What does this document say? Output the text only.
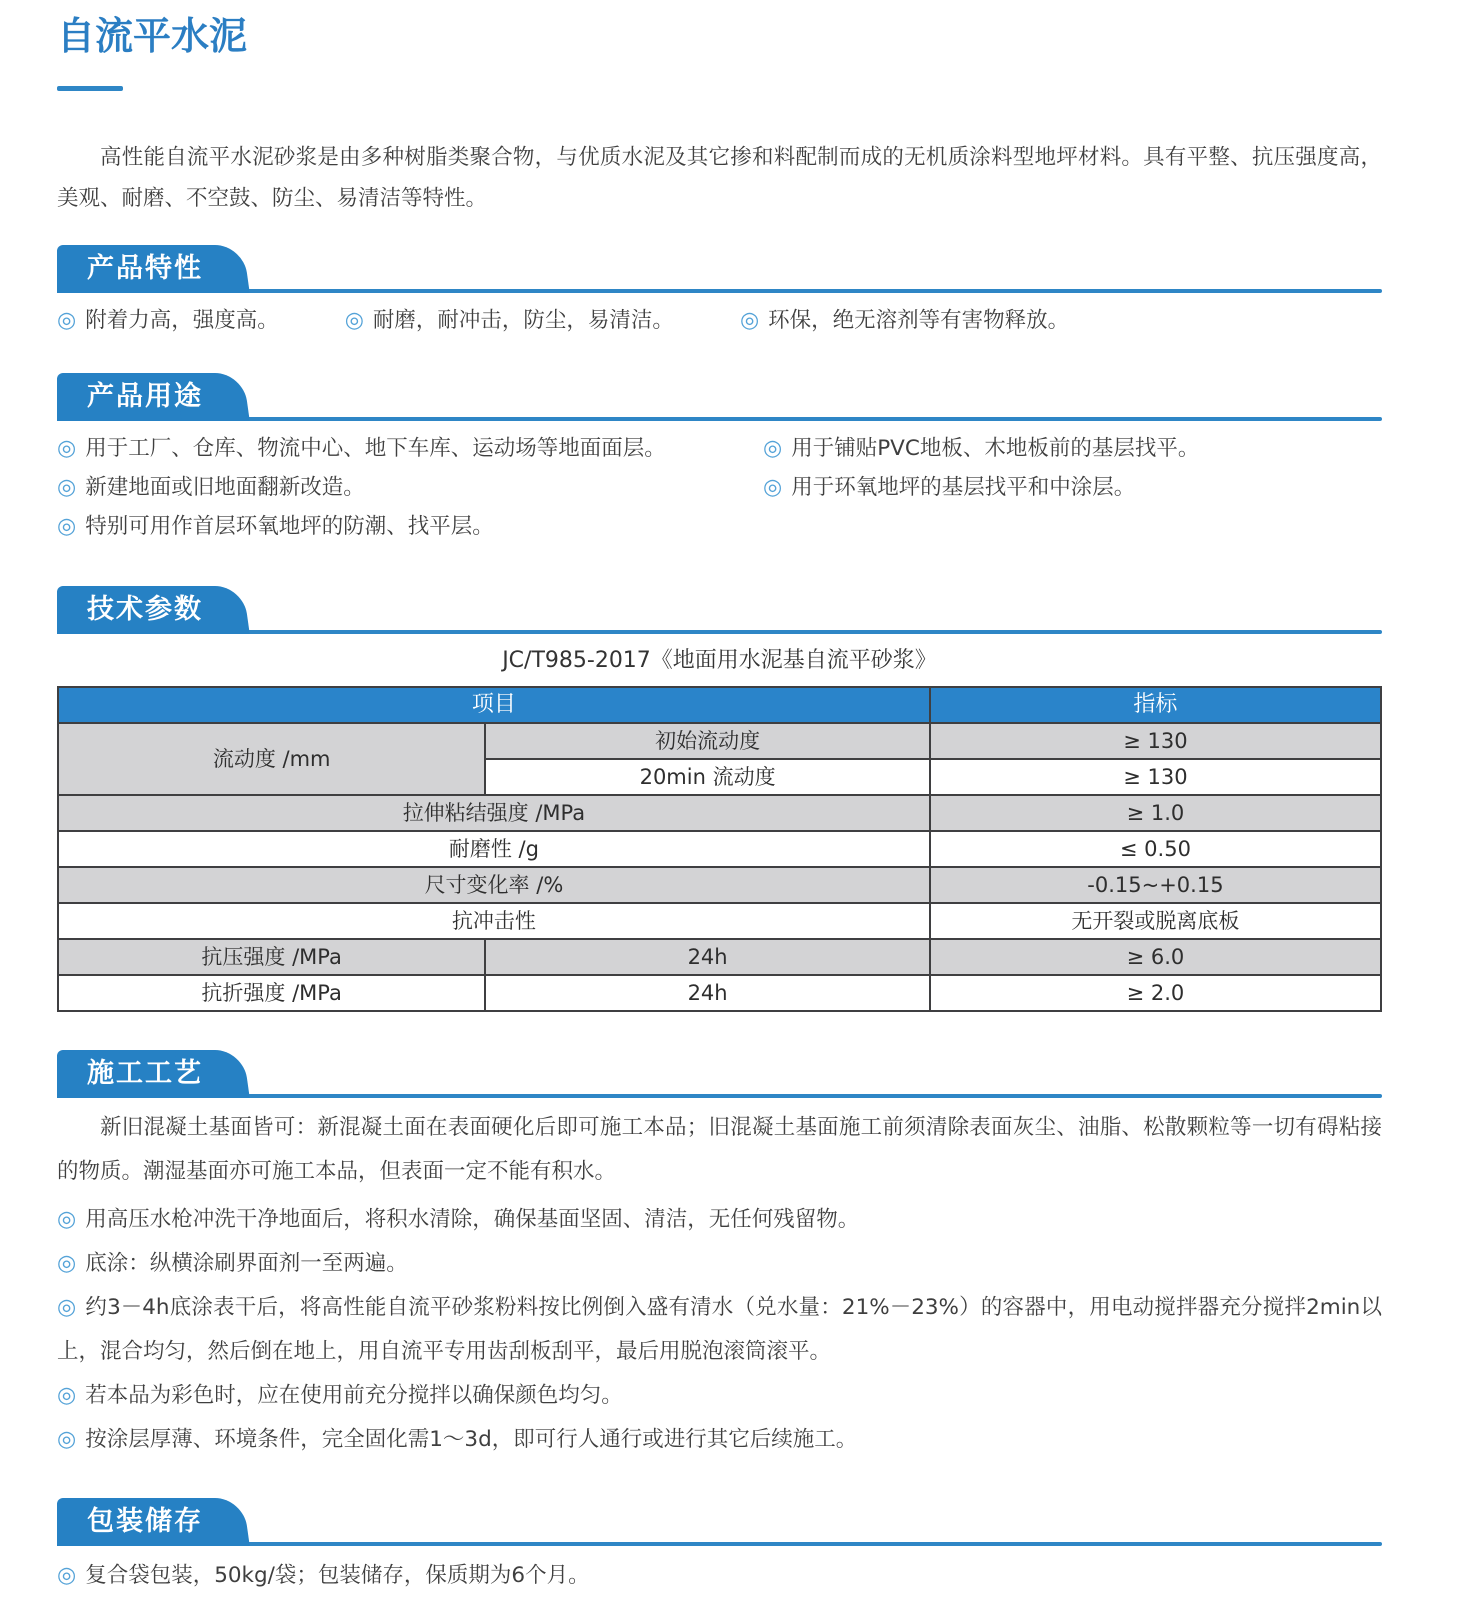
自流平水泥

高性能自流平水泥砂浆是由多种树脂类聚合物，与优质水泥及其它掺和料配制而成的无机质涂料型地坪材料。具有平整、抗压强度高，美观、耐磨、不空鼓、防尘、易清洁等特性。

产品特性
◎ 附着力高，强度高。	◎ 耐磨，耐冲击，防尘，易清洁。	◎ 环保，绝无溶剂等有害物释放。
产品用途
◎ 用于工厂、仓库、物流中心、地下车库、运动场等地面面层。
◎ 新建地面或旧地面翻新改造。
◎ 特别可用作首层环氧地坪的防潮、找平层。
◎ 用于铺贴PVC地板、木地板前的基层找平。
◎ 用于环氧地坪的基层找平和中涂层。
技术参数
JC/T985-2017《地面用水泥基自流平砂浆》
项目		指标
流动度 /mm	初始流动度	≥ 130
	20min 流动度	≥ 130
拉伸粘结强度 /MPa		≥ 1.0
耐磨性 /g		≤ 0.50
尺寸变化率 /%		-0.15~+0.15
抗冲击性		无开裂或脱离底板
抗压强度 /MPa	24h	≥ 6.0
抗折强度 /MPa	24h	≥ 2.0
施工工艺

新旧混凝土基面皆可：新混凝土面在表面硬化后即可施工本品；旧混凝土基面施工前须清除表面灰尘、油脂、松散颗粒等一切有碍粘接的物质。潮湿基面亦可施工本品，但表面一定不能有积水。

◎ 用高压水枪冲洗干净地面后，将积水清除，确保基面坚固、清洁，无任何残留物。

◎ 底涂：纵横涂刷界面剂一至两遍。

◎ 约3－4h底涂表干后，将高性能自流平砂浆粉料按比例倒入盛有清水（兑水量：21%－23%）的容器中，用电动搅拌器充分搅拌2min以上，混合均匀，然后倒在地上，用自流平专用齿刮板刮平，最后用脱泡滚筒滚平。

◎ 若本品为彩色时，应在使用前充分搅拌以确保颜色均匀。

◎ 按涂层厚薄、环境条件，完全固化需1～3d，即可行人通行或进行其它后续施工。

包装储存
◎ 复合袋包装，50kg/袋；包装储存，保质期为6个月。
